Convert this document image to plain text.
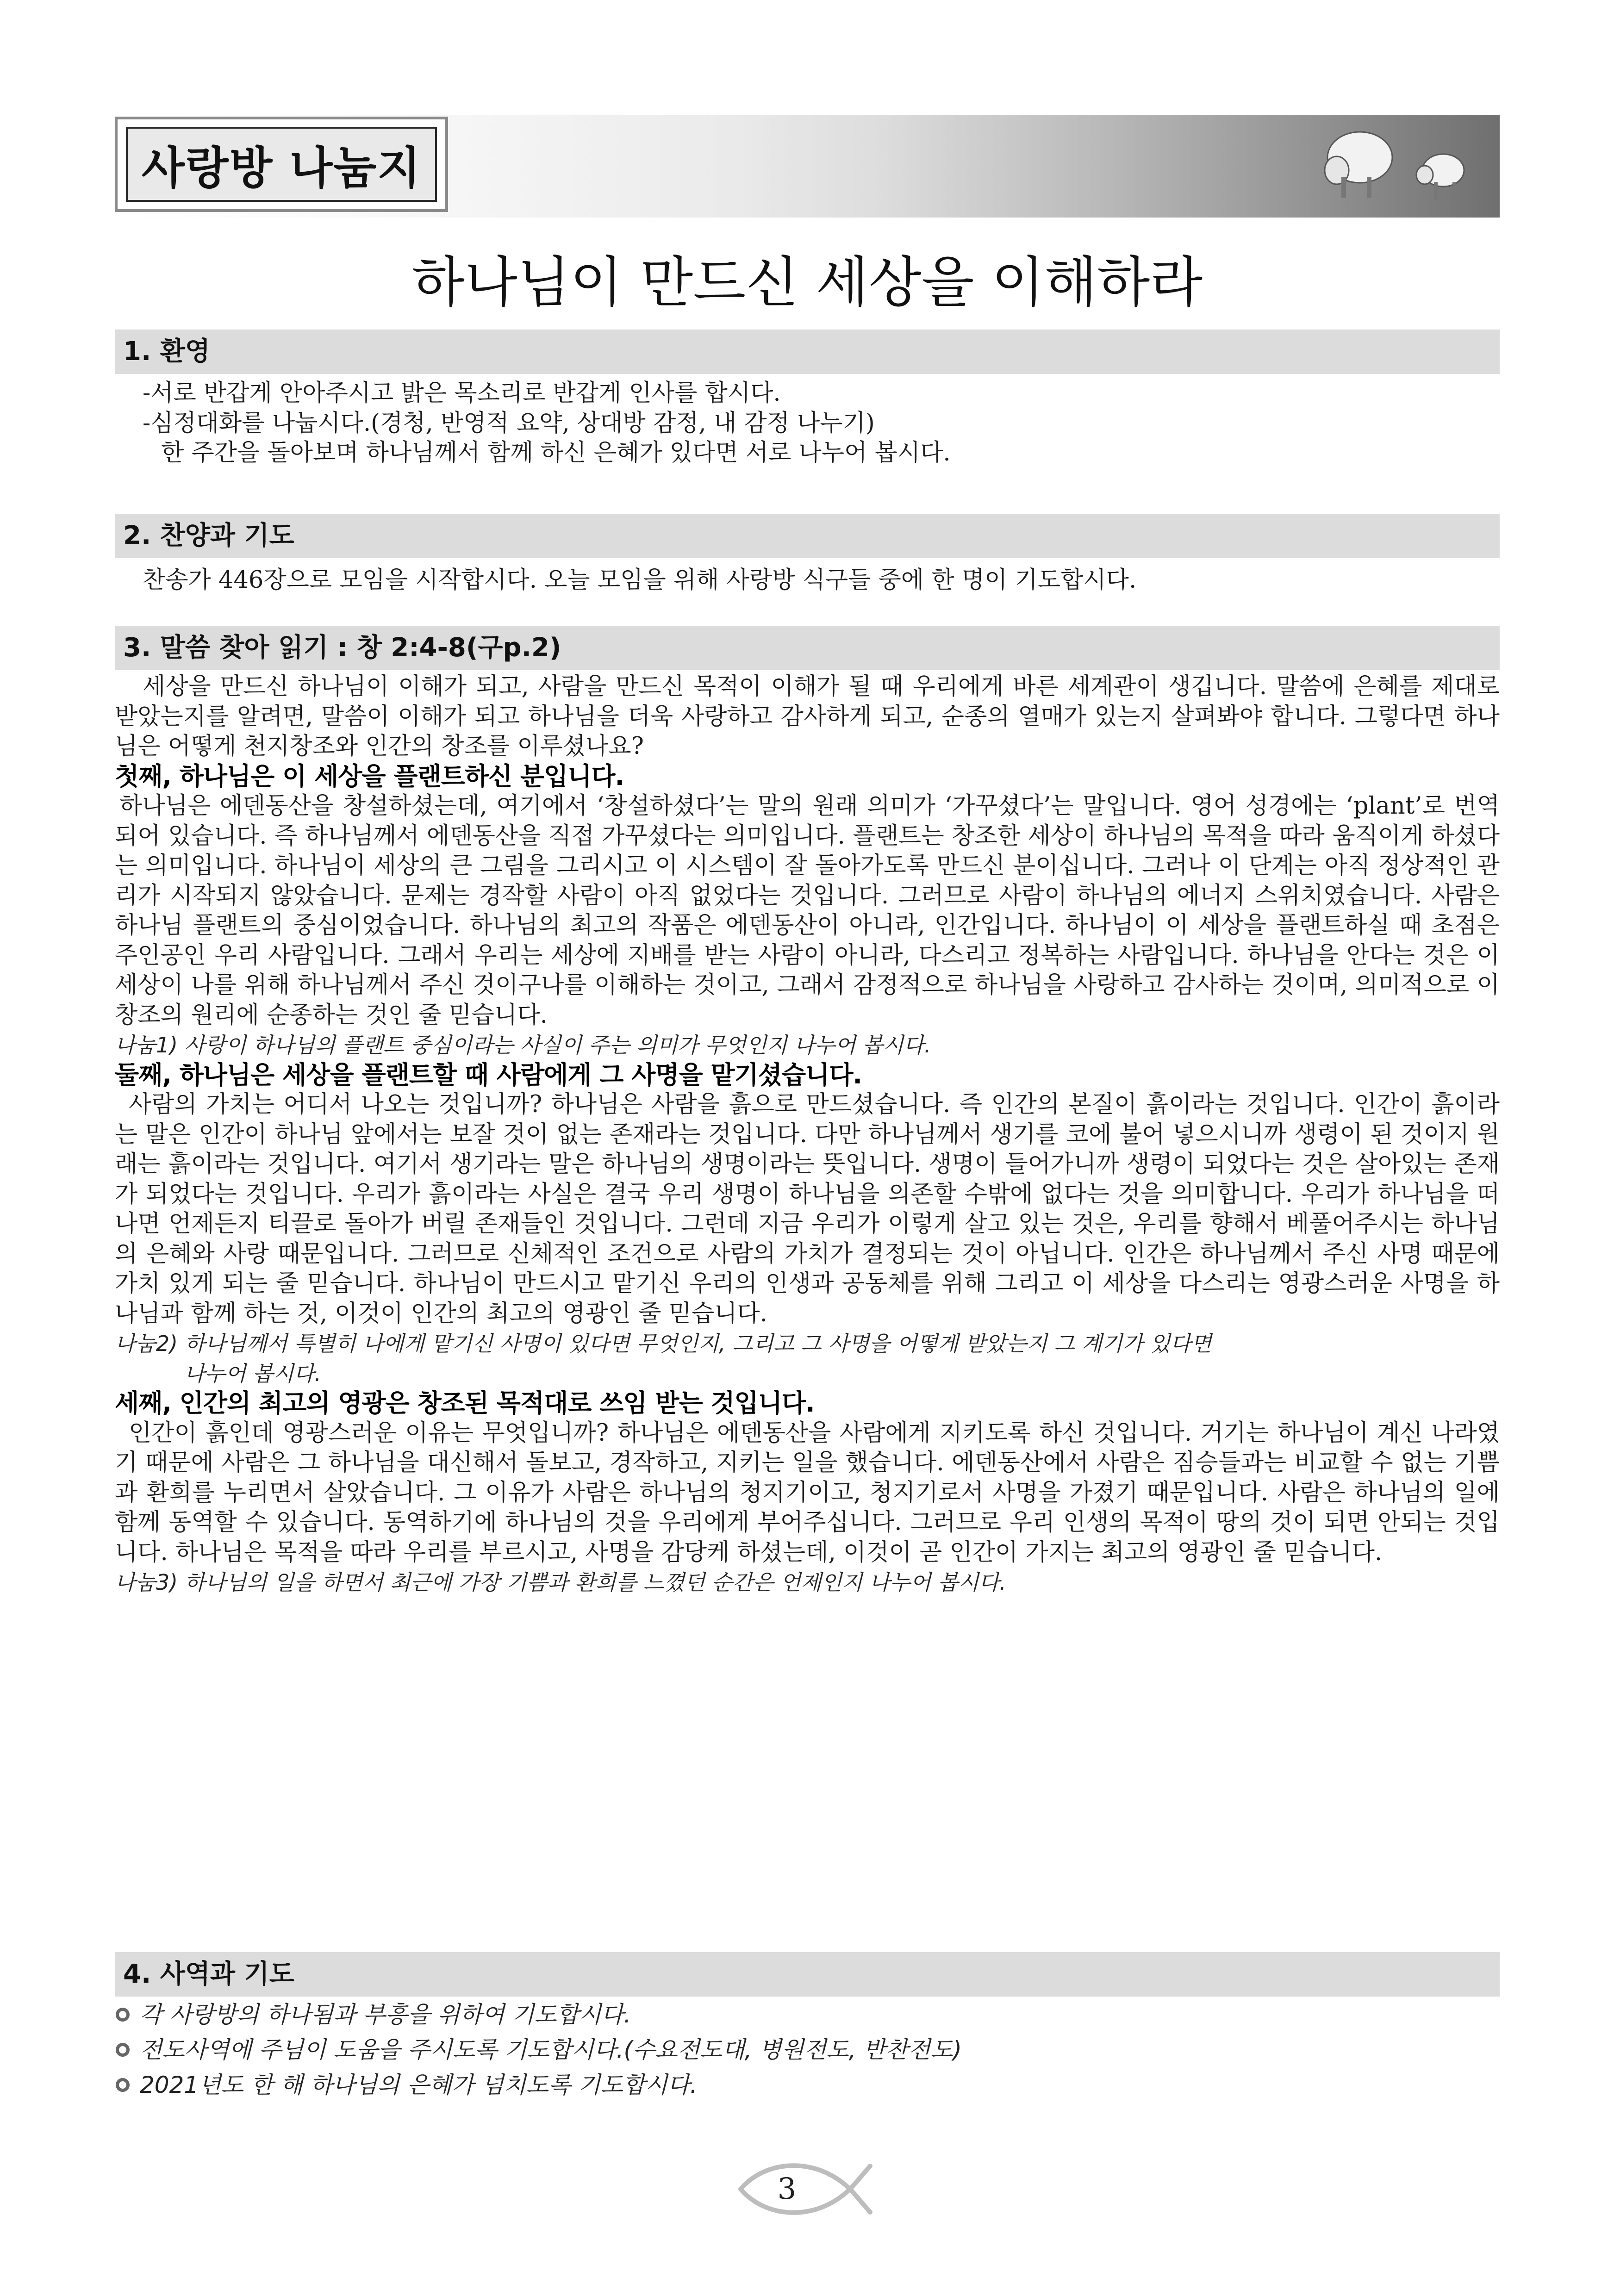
사랑방 나눔지
하나님이 만드신 세상을 이해하라
1. 환영

-서로 반갑게 안아주시고 밝은 목소리로 반갑게 인사를 합시다.

-심정대화를 나눕시다.(경청, 반영적 요약, 상대방 감정, 내 감정 나누기)

한 주간을 돌아보며 하나님께서 함께 하신 은혜가 있다면 서로 나누어 봅시다.

2. 찬양과 기도

찬송가 446장으로 모임을 시작합시다. 오늘 모임을 위해 사랑방 식구들 중에 한 명이 기도합시다.

3. 말씀 찾아 읽기 : 창 2:4-8(구p.2)

세상을 만드신 하나님이 이해가 되고, 사람을 만드신 목적이 이해가 될 때 우리에게 바른 세계관이 생깁니다. 말씀에 은혜를 제대로 받았는지를 알려면, 말씀이 이해가 되고 하나님을 더욱 사랑하고 감사하게 되고, 순종의 열매가 있는지 살펴봐야 합니다. 그렇다면 하나님은 어떻게 천지창조와 인간의 창조를 이루셨나요?

첫째, 하나님은 이 세상을 플랜트하신 분입니다.

하나님은 에덴동산을 창설하셨는데, 여기에서 ‘창설하셨다’는 말의 원래 의미가 ‘가꾸셨다’는 말입니다. 영어 성경에는 ‘plant’로 번역되어 있습니다. 즉 하나님께서 에덴동산을 직접 가꾸셨다는 의미입니다. 플랜트는 창조한 세상이 하나님의 목적을 따라 움직이게 하셨다는 의미입니다. 하나님이 세상의 큰 그림을 그리시고 이 시스템이 잘 돌아가도록 만드신 분이십니다. 그러나 이 단계는 아직 정상적인 관리가 시작되지 않았습니다. 문제는 경작할 사람이 아직 없었다는 것입니다. 그러므로 사람이 하나님의 에너지 스위치였습니다. 사람은 하나님 플랜트의 중심이었습니다. 하나님의 최고의 작품은 에덴동산이 아니라, 인간입니다. 하나님이 이 세상을 플랜트하실 때 초점은 주인공인 우리 사람입니다. 그래서 우리는 세상에 지배를 받는 사람이 아니라, 다스리고 정복하는 사람입니다. 하나님을 안다는 것은 이 세상이 나를 위해 하나님께서 주신 것이구나를 이해하는 것이고, 그래서 감정적으로 하나님을 사랑하고 감사하는 것이며, 의미적으로 이 창조의 원리에 순종하는 것인 줄 믿습니다.

나눔1) 사랑이 하나님의 플랜트 중심이라는 사실이 주는 의미가 무엇인지 나누어 봅시다.

둘째, 하나님은 세상을 플랜트할 때 사람에게 그 사명을 맡기셨습니다.

사람의 가치는 어디서 나오는 것입니까? 하나님은 사람을 흙으로 만드셨습니다. 즉 인간의 본질이 흙이라는 것입니다. 인간이 흙이라는 말은 인간이 하나님 앞에서는 보잘 것이 없는 존재라는 것입니다. 다만 하나님께서 생기를 코에 불어 넣으시니까 생령이 된 것이지 원래는 흙이라는 것입니다. 여기서 생기라는 말은 하나님의 생명이라는 뜻입니다. 생명이 들어가니까 생령이 되었다는 것은 살아있는 존재가 되었다는 것입니다. 우리가 흙이라는 사실은 결국 우리 생명이 하나님을 의존할 수밖에 없다는 것을 의미합니다. 우리가 하나님을 떠나면 언제든지 티끌로 돌아가 버릴 존재들인 것입니다. 그런데 지금 우리가 이렇게 살고 있는 것은, 우리를 향해서 베풀어주시는 하나님의 은혜와 사랑 때문입니다. 그러므로 신체적인 조건으로 사람의 가치가 결정되는 것이 아닙니다. 인간은 하나님께서 주신 사명 때문에 가치 있게 되는 줄 믿습니다. 하나님이 만드시고 맡기신 우리의 인생과 공동체를 위해 그리고 이 세상을 다스리는 영광스러운 사명을 하나님과 함께 하는 것, 이것이 인간의 최고의 영광인 줄 믿습니다.

나눔2) 하나님께서 특별히 나에게 맡기신 사명이 있다면 무엇인지, 그리고 그 사명을 어떻게 받았는지 그 계기가 있다면

나누어 봅시다.

세째, 인간의 최고의 영광은 창조된 목적대로 쓰임 받는 것입니다.

인간이 흙인데 영광스러운 이유는 무엇입니까? 하나님은 에덴동산을 사람에게 지키도록 하신 것입니다. 거기는 하나님이 계신 나라였기 때문에 사람은 그 하나님을 대신해서 돌보고, 경작하고, 지키는 일을 했습니다. 에덴동산에서 사람은 짐승들과는 비교할 수 없는 기쁨과 환희를 누리면서 살았습니다. 그 이유가 사람은 하나님의 청지기이고, 청지기로서 사명을 가졌기 때문입니다. 사람은 하나님의 일에 함께 동역할 수 있습니다. 동역하기에 하나님의 것을 우리에게 부어주십니다. 그러므로 우리 인생의 목적이 땅의 것이 되면 안되는 것입니다. 하나님은 목적을 따라 우리를 부르시고, 사명을 감당케 하셨는데, 이것이 곧 인간이 가지는 최고의 영광인 줄 믿습니다.

나눔3) 하나님의 일을 하면서 최근에 가장 기쁨과 환희를 느꼈던 순간은 언제인지 나누어 봅시다.

4. 사역과 기도
각 사랑방의 하나됨과 부흥을 위하여 기도합시다.
전도사역에 주님이 도움을 주시도록 기도합시다.(수요전도대, 병원전도, 반찬전도)
2021년도 한 해 하나님의 은혜가 넘치도록 기도합시다.
3
